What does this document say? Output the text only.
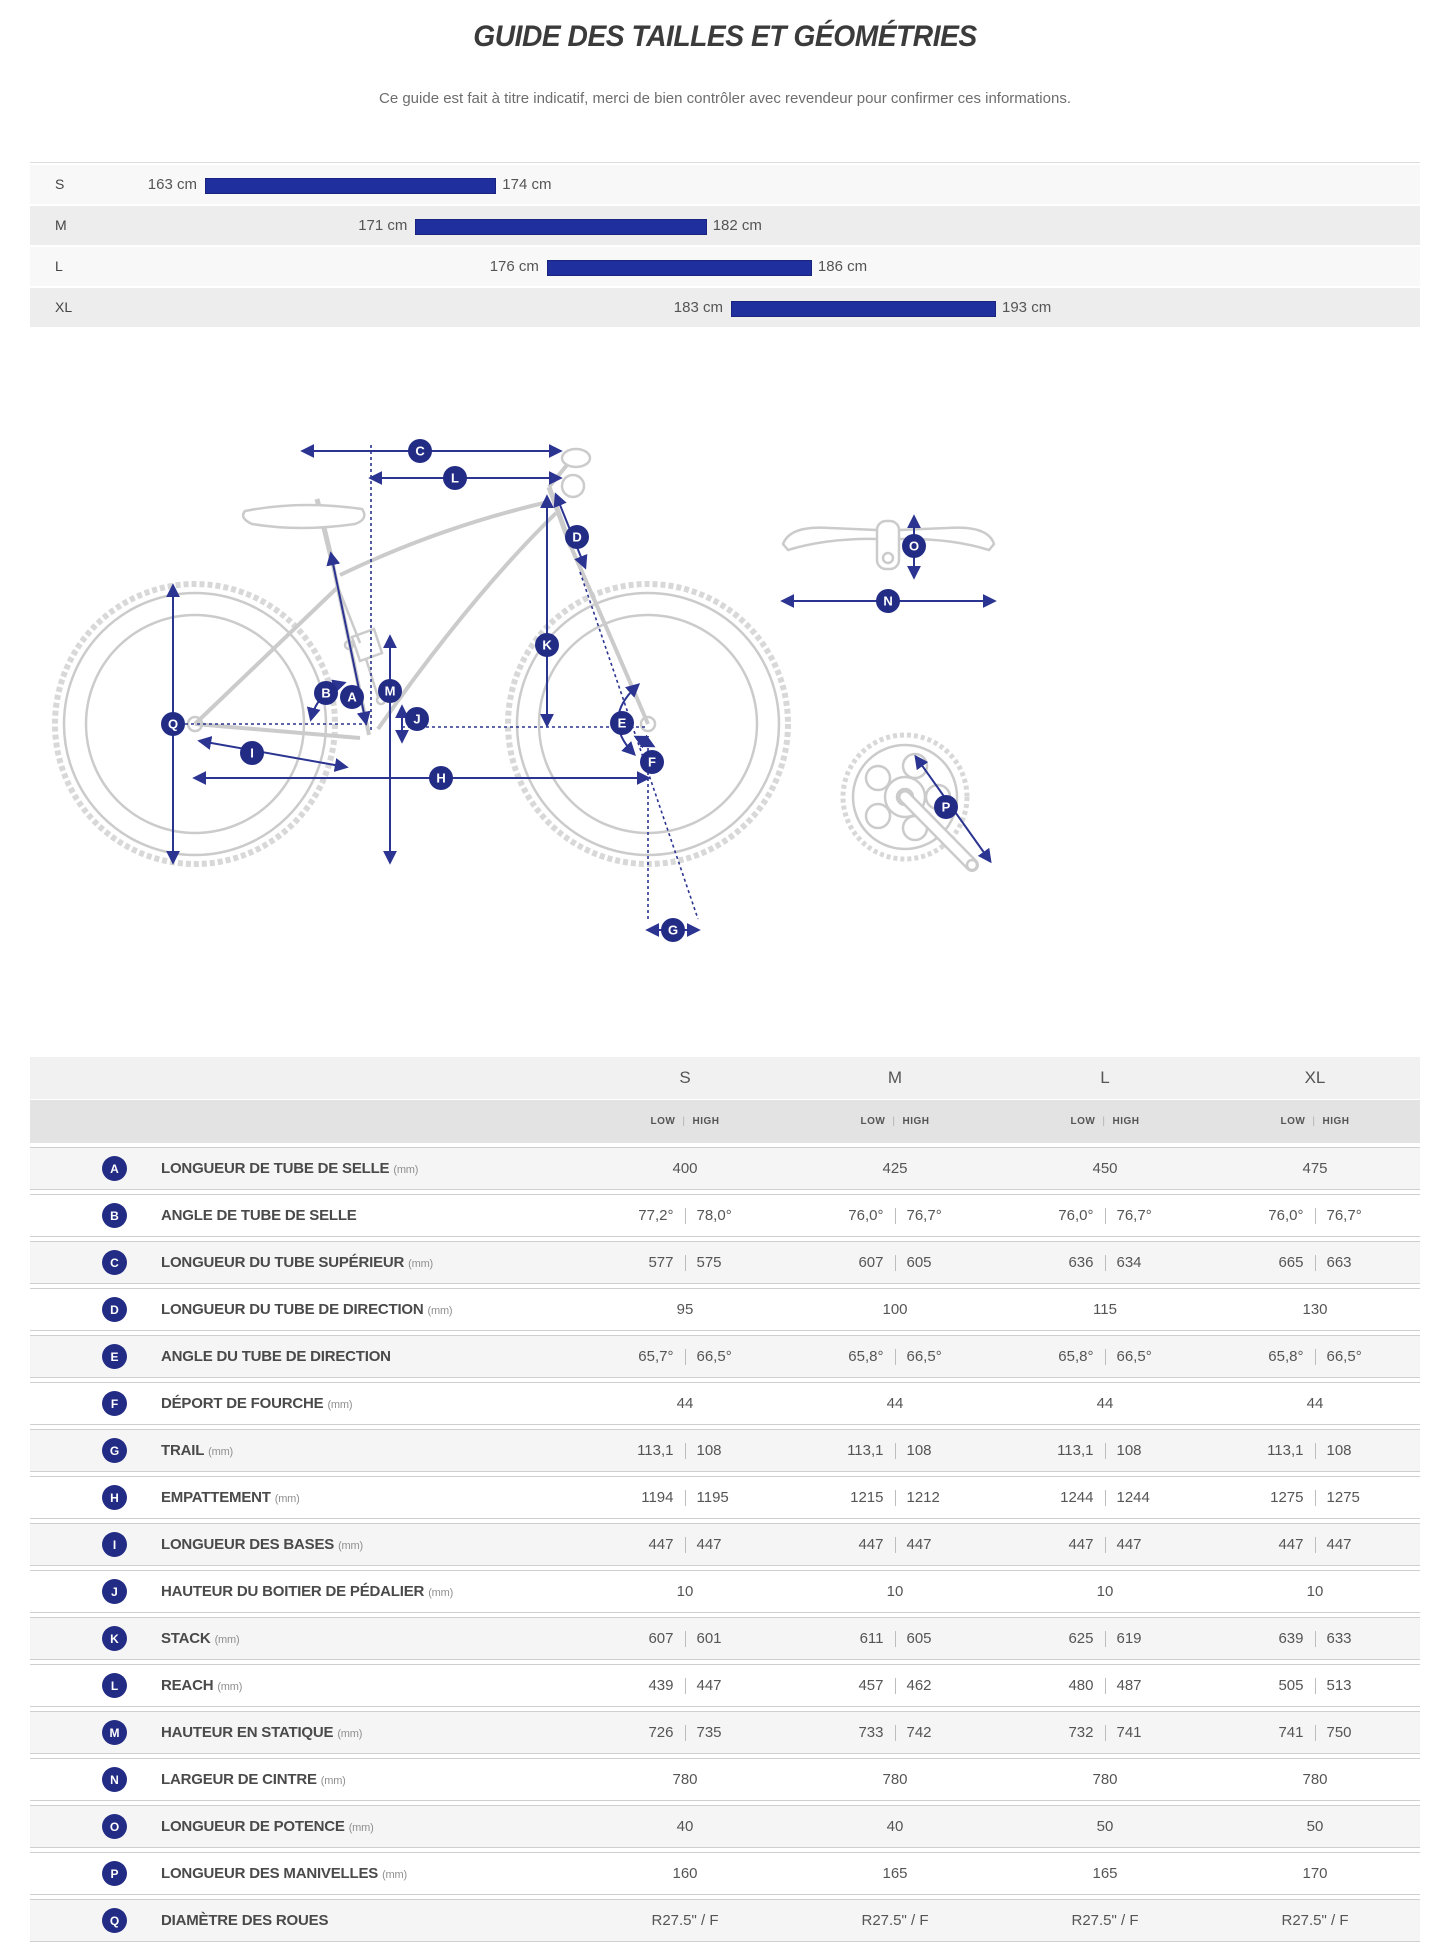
GUIDE DES TAILLES ET GÉOMÉTRIES

Ce guide est fait à titre indicatif, merci de bien contrôler avec revendeur pour confirmer ces informations.

S	163 cm	174 cm
M	171 cm	182 cm
L	176 cm	186 cm
XL	183 cm	193 cm
C
L
D
K
A
B	M
J
Q
I
H
E
F
G
O
N
P
S	M	L	XL
LOW | HIGH	LOW | HIGH	LOW | HIGH	LOW | HIGH
A	LONGUEUR DE TUBE DE SELLE (mm)	400	425	450	475
B	ANGLE DE TUBE DE SELLE	77,2° 78,0°	76,0° 76,7°	76,0° 76,7°	76,0° 76,7°
C	LONGUEUR DU TUBE SUPÉRIEUR (mm)	577 575	607 605	636 634	665 663
D	LONGUEUR DU TUBE DE DIRECTION (mm)	95	100	115	130
E	ANGLE DU TUBE DE DIRECTION	65,7° 66,5°	65,8° 66,5°	65,8° 66,5°	65,8° 66,5°
F	DÉPORT DE FOURCHE (mm)	44	44	44	44
G	TRAIL (mm)	113,1 108	113,1 108	113,1 108	113,1 108
H	EMPATTEMENT (mm)	1194 1195	1215 1212	1244 1244	1275 1275
I	LONGUEUR DES BASES (mm)	447 447	447 447	447 447	447 447
J	HAUTEUR DU BOITIER DE PÉDALIER (mm)	10	10	10	10
K	STACK (mm)	607 601	611 605	625 619	639 633
L	REACH (mm)	439 447	457 462	480 487	505 513
M	HAUTEUR EN STATIQUE (mm)	726 735	733 742	732 741	741 750
N	LARGEUR DE CINTRE (mm)	780	780	780	780
O	LONGUEUR DE POTENCE (mm)	40	40	50	50
P	LONGUEUR DES MANIVELLES (mm)	160	165	165	170
Q	DIAMÈTRE DES ROUES	R27.5" / F	R27.5" / F	R27.5" / F	R27.5" / F
